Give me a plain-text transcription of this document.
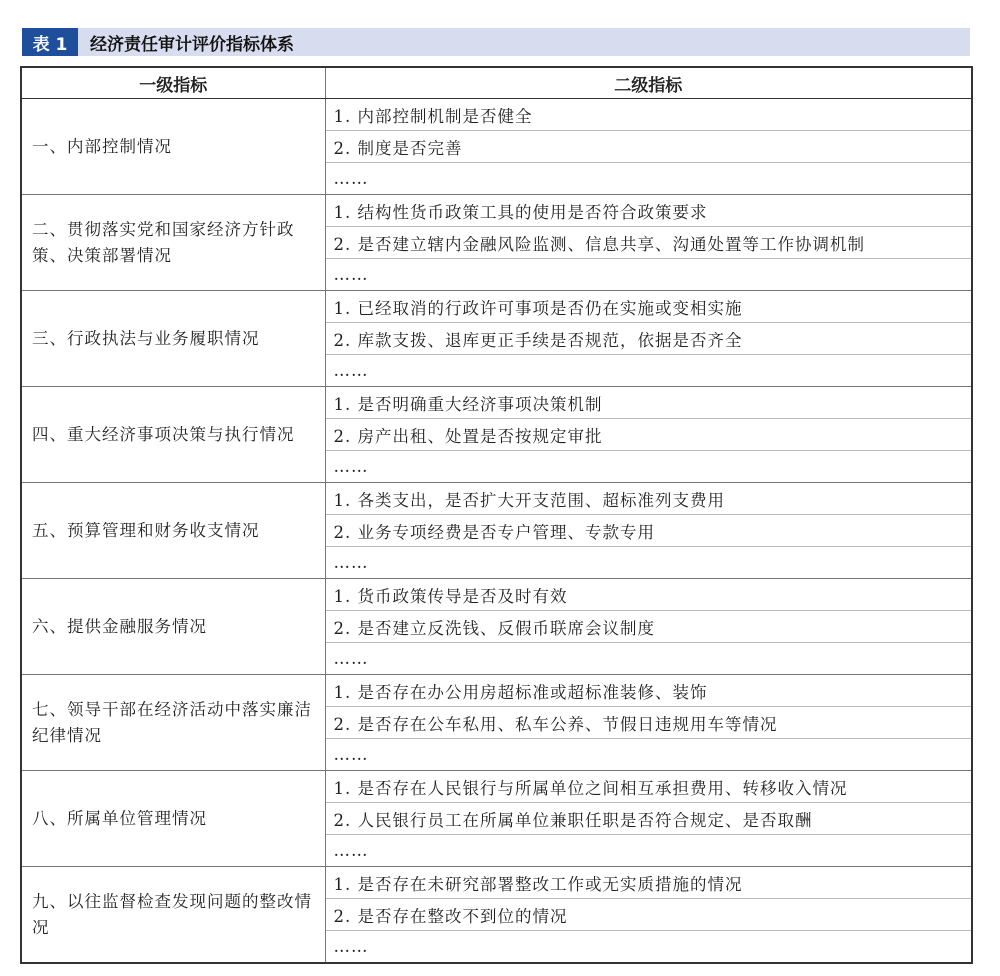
表 1	经济责任审计评价指标体系
一级指标	二级指标
一、内部控制情况	1. 内部控制机制是否健全
	2. 制度是否完善
	……
二、贯彻落实党和国家经济方针政策、决策部署情况	1. 结构性货币政策工具的使用是否符合政策要求
	2. 是否建立辖内金融风险监测、信息共享、沟通处置等工作协调机制
	……
三、行政执法与业务履职情况	1. 已经取消的行政许可事项是否仍在实施或变相实施
	2. 库款支拨、退库更正手续是否规范，依据是否齐全
	……
四、重大经济事项决策与执行情况	1. 是否明确重大经济事项决策机制
	2. 房产出租、处置是否按规定审批
	……
五、预算管理和财务收支情况	1. 各类支出，是否扩大开支范围、超标准列支费用
	2. 业务专项经费是否专户管理、专款专用
	……
六、提供金融服务情况	1. 货币政策传导是否及时有效
	2. 是否建立反洗钱、反假币联席会议制度
	……
七、领导干部在经济活动中落实廉洁纪律情况	1. 是否存在办公用房超标准或超标准装修、装饰
	2. 是否存在公车私用、私车公养、节假日违规用车等情况
	……
八、所属单位管理情况	1. 是否存在人民银行与所属单位之间相互承担费用、转移收入情况
	2. 人民银行员工在所属单位兼职任职是否符合规定、是否取酬
	……
九、以往监督检查发现问题的整改情况	1. 是否存在未研究部署整改工作或无实质措施的情况
	2. 是否存在整改不到位的情况
	……
